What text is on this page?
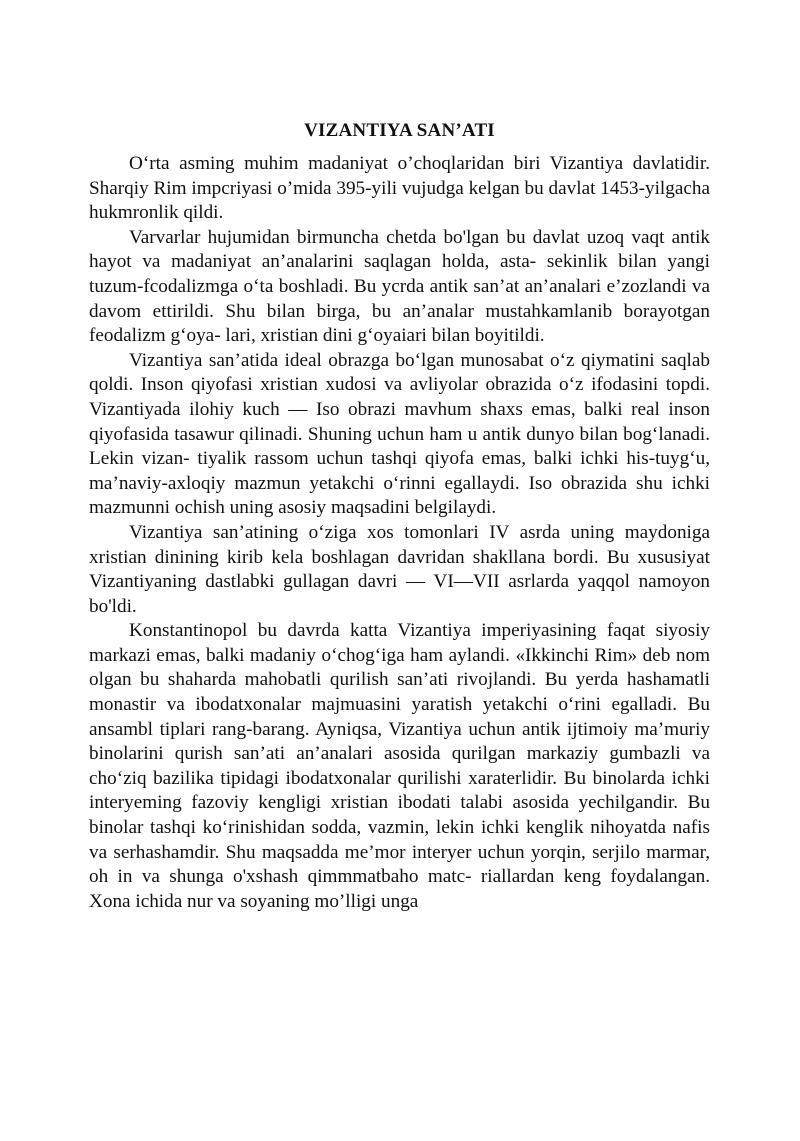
VIZANTIYA SAN’ATI

O‘rta asming muhim madaniyat o’choqlaridan biri Vizantiya davlatidir. Sharqiy Rim impcriyasi o’mida 395-yili vujudga kelgan bu davlat 1453-yilgacha hukmronlik qildi.

Varvarlar hujumidan birmuncha chetda bo'lgan bu davlat uzoq vaqt antik hayot va madaniyat an’analarini saqlagan holda, asta- sekinlik bilan yangi tuzum-fcodalizmga o‘ta boshladi. Bu ycrda antik san’at an’analari e’zozlandi va davom ettirildi. Shu bilan birga, bu an’analar mustahkamlanib borayotgan feodalizm g‘oya- lari, xristian dini g‘oyaiari bilan boyitildi.

Vizantiya san’atida ideal obrazga bo‘lgan munosabat o‘z qiymatini saqlab qoldi. Inson qiyofasi xristian xudosi va avliyolar obrazida o‘z ifodasini topdi. Vizantiyada ilohiy kuch — Iso obrazi mavhum shaxs emas, balki real inson qiyofasida tasawur qilinadi. Shuning uchun ham u antik dunyo bilan bog‘lanadi. Lekin vizan- tiyalik rassom uchun tashqi qiyofa emas, balki ichki his-tuyg‘u, ma’naviy-axloqiy mazmun yetakchi o‘rinni egallaydi. Iso obrazida shu ichki mazmunni ochish uning asosiy maqsadini belgilaydi.

Vizantiya san’atining o‘ziga xos tomonlari IV asrda uning maydoniga xristian dinining kirib kela boshlagan davridan shakllana bordi. Bu xususiyat Vizantiyaning dastlabki gullagan davri — VI—VII asrlarda yaqqol namoyon bo'ldi.

Konstantinopol bu davrda katta Vizantiya imperiyasining faqat siyosiy markazi emas, balki madaniy o‘chog‘iga ham aylandi. «Ikkinchi Rim» deb nom olgan bu shaharda mahobatli qurilish san’ati rivojlandi. Bu yerda hashamatli monastir va ibodatxonalar majmuasini yaratish yetakchi o‘rini egalladi. Bu ansambl tiplari rang-barang. Ayniqsa, Vizantiya uchun antik ijtimoiy ma’muriy binolarini qurish san’ati an’analari asosida qurilgan markaziy gumbazli va cho‘ziq bazilika tipidagi ibodatxonalar qurilishi xaraterlidir. Bu binolarda ichki interyeming fazoviy kengligi xristian ibodati talabi asosida yechilgandir. Bu binolar tashqi ko‘rinishidan sodda, vazmin, lekin ichki kenglik nihoyatda nafis va serhashamdir. Shu maqsadda me’mor interyer uchun yorqin, serjilo marmar, oh in va shunga o'xshash qimmmatbaho matc- riallardan keng foydalangan. Xona ichida nur va soyaning mo’lligi unga
